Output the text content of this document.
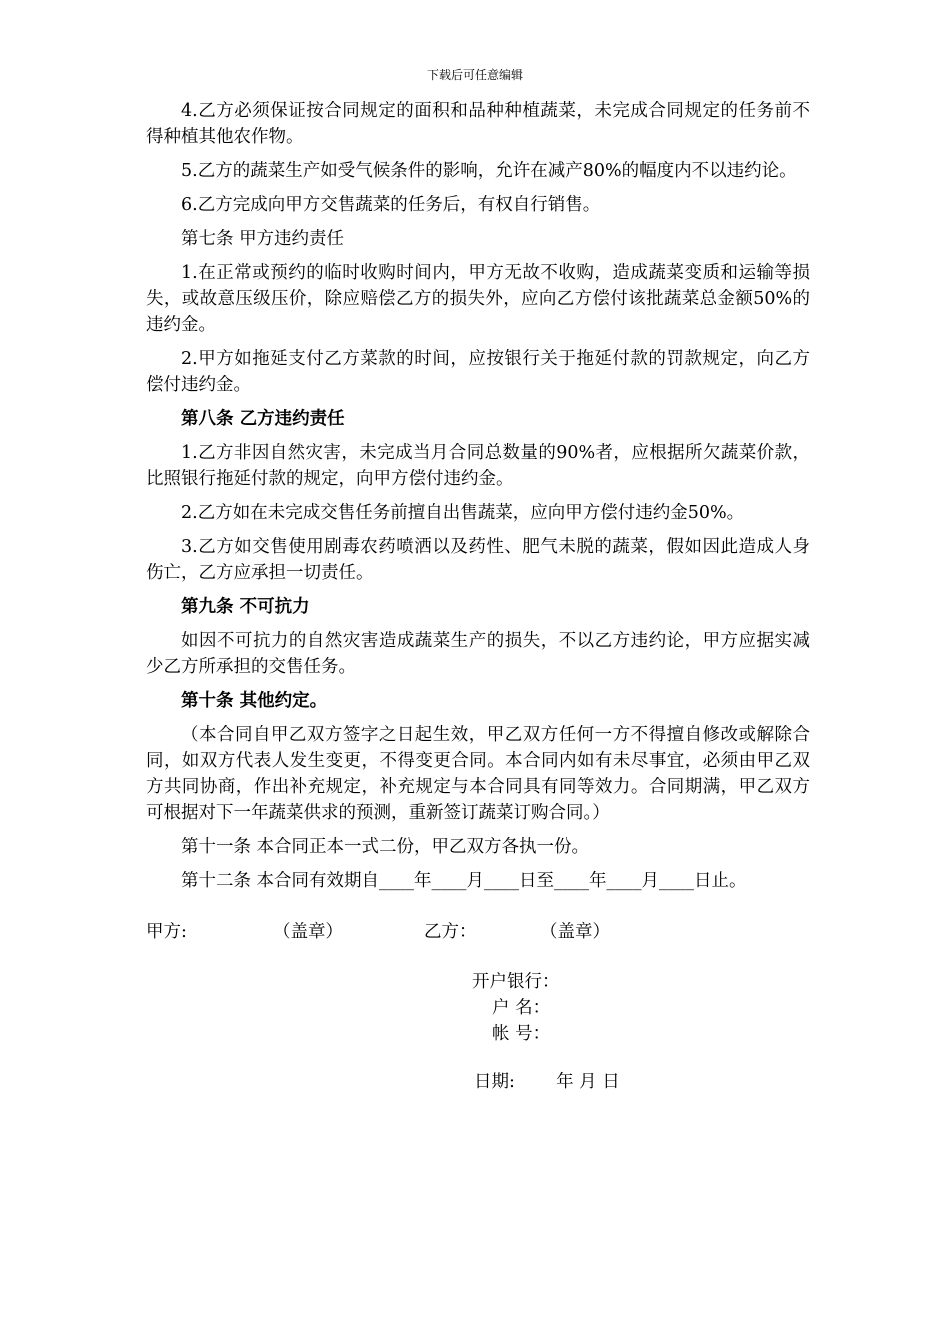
下载后可任意编辑

4.乙方必须保证按合同规定的面积和品种种植蔬菜，未完成合同规定的任务前不得种植其他农作物。

5.乙方的蔬菜生产如受气候条件的影响，允许在减产80%的幅度内不以违约论。

6.乙方完成向甲方交售蔬菜的任务后，有权自行销售。

第七条 甲方违约责任

1.在正常或预约的临时收购时间内，甲方无故不收购，造成蔬菜变质和运输等损失，或故意压级压价，除应赔偿乙方的损失外，应向乙方偿付该批蔬菜总金额50%的违约金。

2.甲方如拖延支付乙方菜款的时间，应按银行关于拖延付款的罚款规定，向乙方偿付违约金。

第八条 乙方违约责任

1.乙方非因自然灾害，未完成当月合同总数量的90%者，应根据所欠蔬菜价款，比照银行拖延付款的规定，向甲方偿付违约金。

2.乙方如在未完成交售任务前擅自出售蔬菜，应向甲方偿付违约金50%。

3.乙方如交售使用剧毒农药喷洒以及药性、肥气未脱的蔬菜，假如因此造成人身伤亡，乙方应承担一切责任。

第九条 不可抗力

如因不可抗力的自然灾害造成蔬菜生产的损失，不以乙方违约论，甲方应据实减少乙方所承担的交售任务。

第十条 其他约定。

（本合同自甲乙双方签字之日起生效，甲乙双方任何一方不得擅自修改或解除合同，如双方代表人发生变更，不得变更合同。本合同内如有未尽事宜，必须由甲乙双方共同协商，作出补充规定，补充规定与本合同具有同等效力。合同期满，甲乙双方可根据对下一年蔬菜供求的预测，重新签订蔬菜订购合同。）

第十一条 本合同正本一式二份，甲乙双方各执一份。

第十二条 本合同有效期自____年____月____日至____年____月____日止。

甲方:	（盖章）	乙方：	（盖章）
开户银行：
户 名：
帐 号：
日期: 年 月 日
